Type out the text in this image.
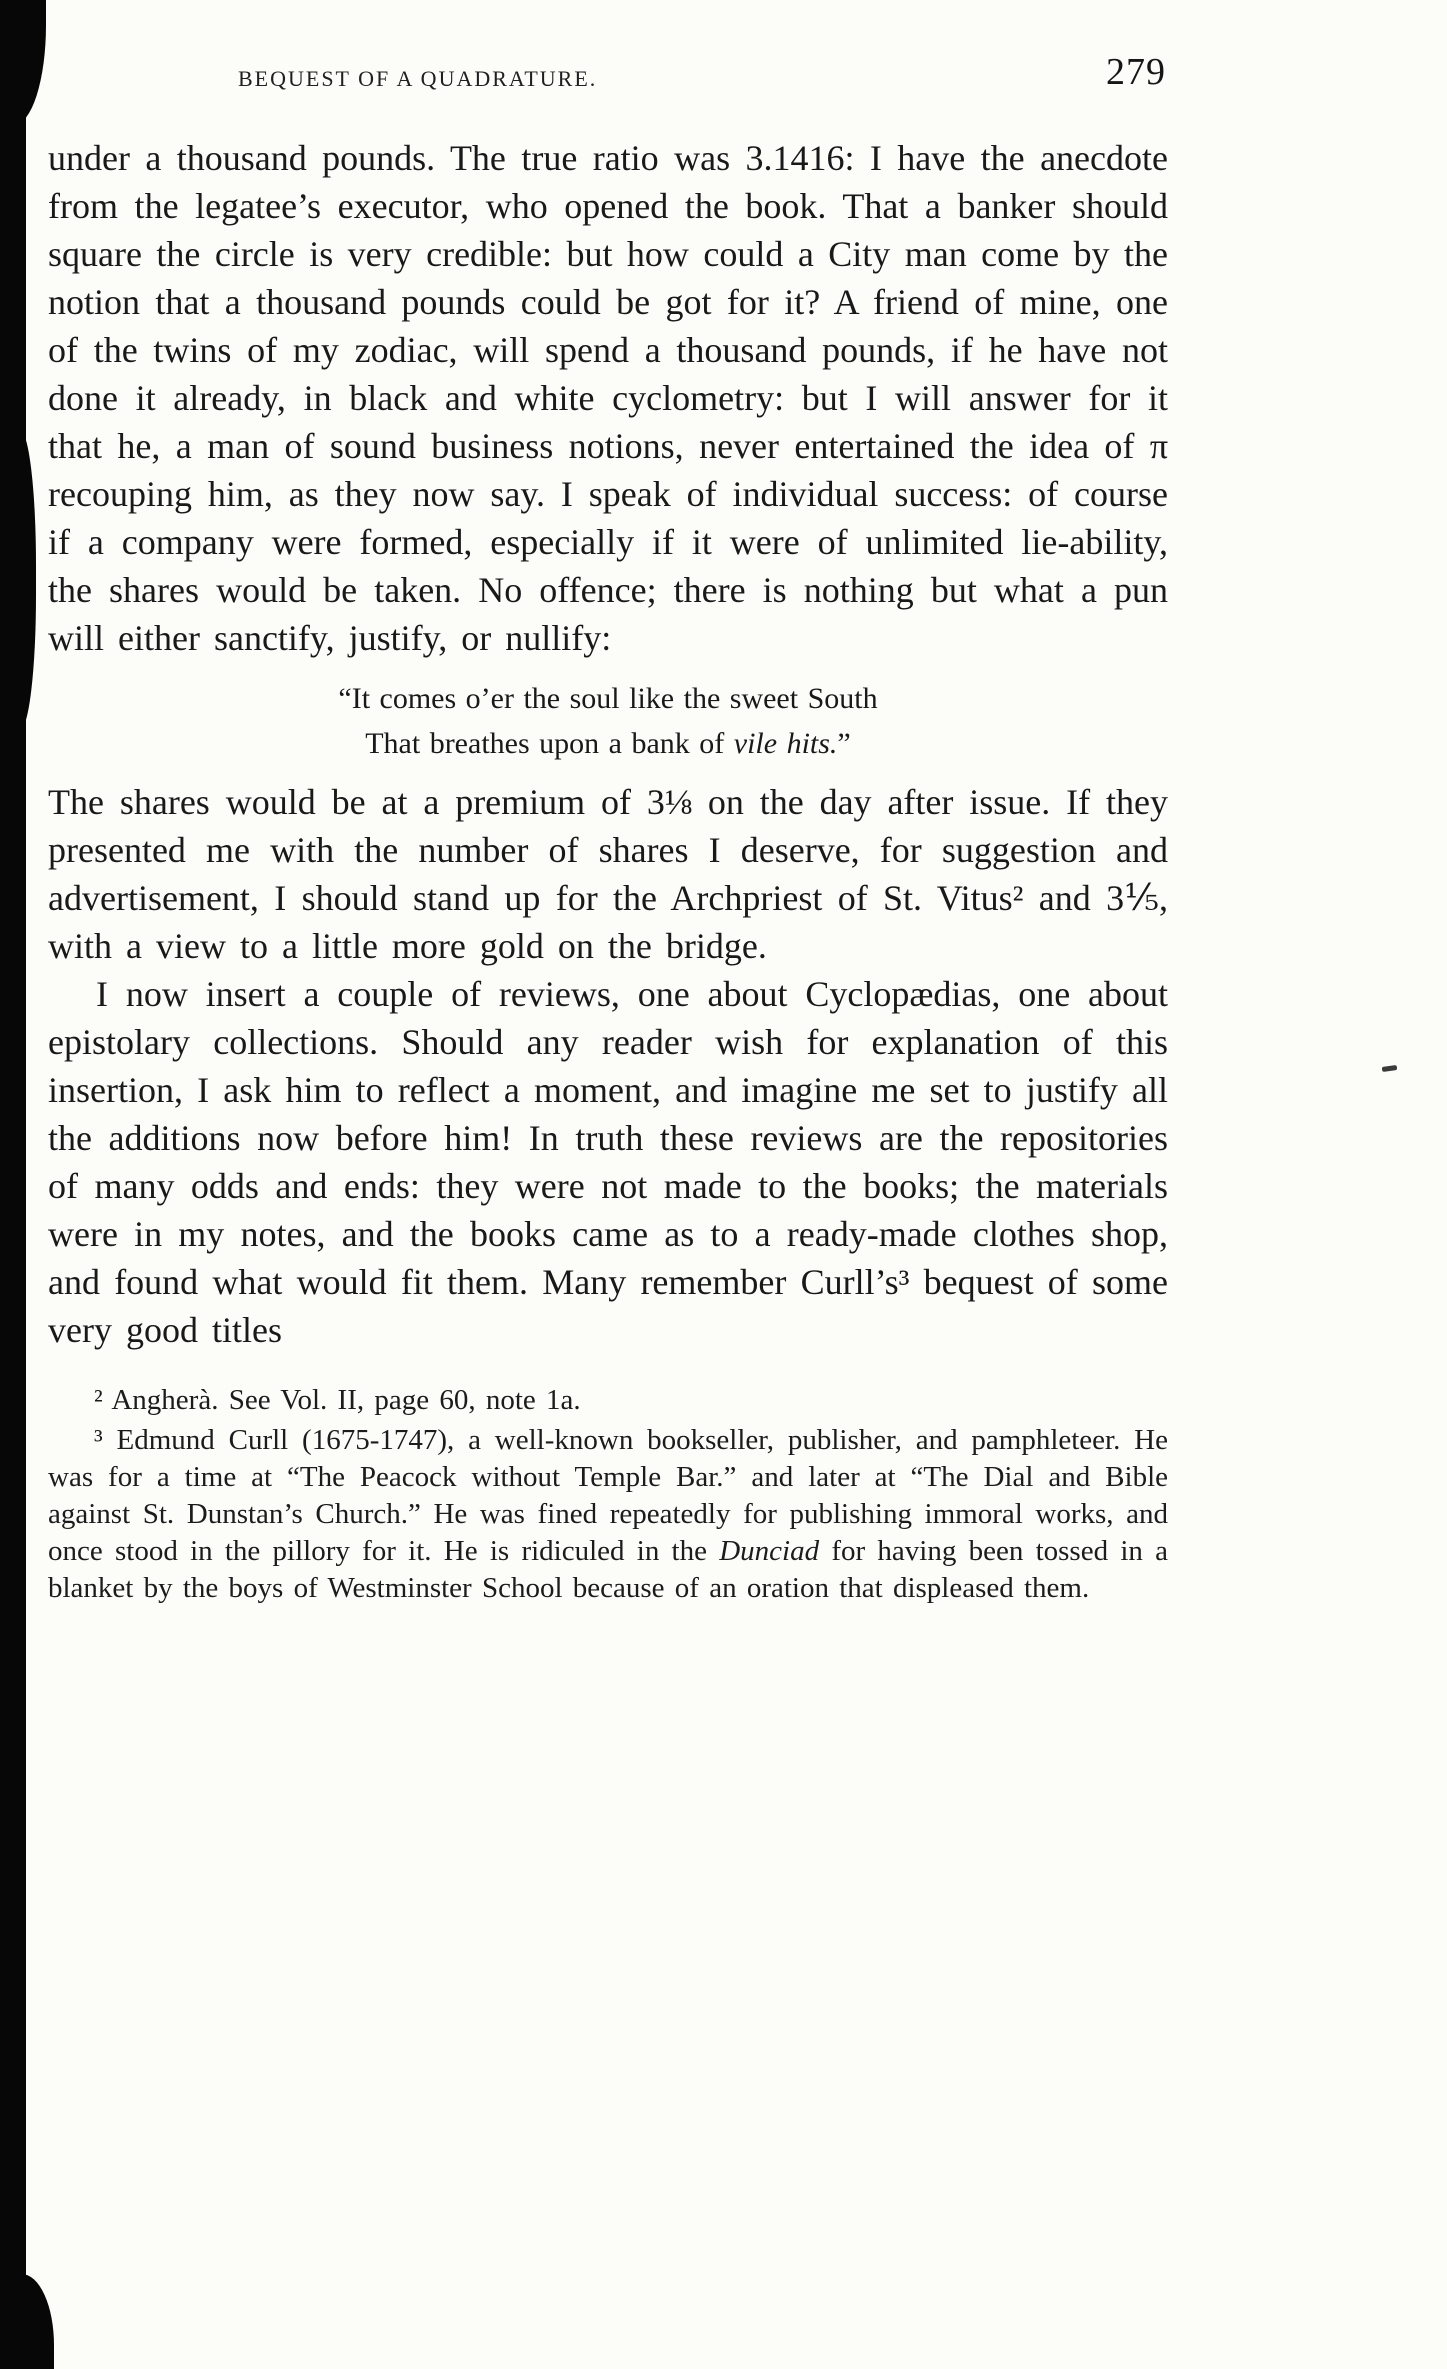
BEQUEST OF A QUADRATURE.	279

under a thousand pounds. The true ratio was 3.1416: I have the anecdote from the legatee’s executor, who opened the book. That a banker should square the circle is very credible: but how could a City man come by the notion that a thousand pounds could be got for it? A friend of mine, one of the twins of my zodiac, will spend a thousand pounds, if he have not done it already, in black and white cyclometry: but I will answer for it that he, a man of sound business notions, never entertained the idea of π recouping him, as they now say. I speak of individual success: of course if a company were formed, especially if it were of unlimited lie-ability, the shares would be taken. No offence; there is nothing but what a pun will either sanctify, justify, or nullify:

“It comes o’er the soul like the sweet South
That breathes upon a bank of vile hits.”

The shares would be at a premium of 3⅛ on the day after issue. If they presented me with the number of shares I deserve, for suggestion and advertisement, I should stand up for the Archpriest of St. Vitus² and 3⅕, with a view to a little more gold on the bridge.

I now insert a couple of reviews, one about Cyclopædias, one about epistolary collections. Should any reader wish for explanation of this insertion, I ask him to reflect a moment, and imagine me set to justify all the additions now before him! In truth these reviews are the repositories of many odds and ends: they were not made to the books; the materials were in my notes, and the books came as to a ready-made clothes shop, and found what would fit them. Many remember Curll’s³ bequest of some very good titles

² Angherà. See Vol. II, page 60, note 1a.

³ Edmund Curll (1675-1747), a well-known bookseller, publisher, and pamphleteer. He was for a time at “The Peacock without Temple Bar.” and later at “The Dial and Bible against St. Dunstan’s Church.” He was fined repeatedly for publishing immoral works, and once stood in the pillory for it. He is ridiculed in the Dunciad for having been tossed in a blanket by the boys of Westminster School because of an oration that displeased them.
